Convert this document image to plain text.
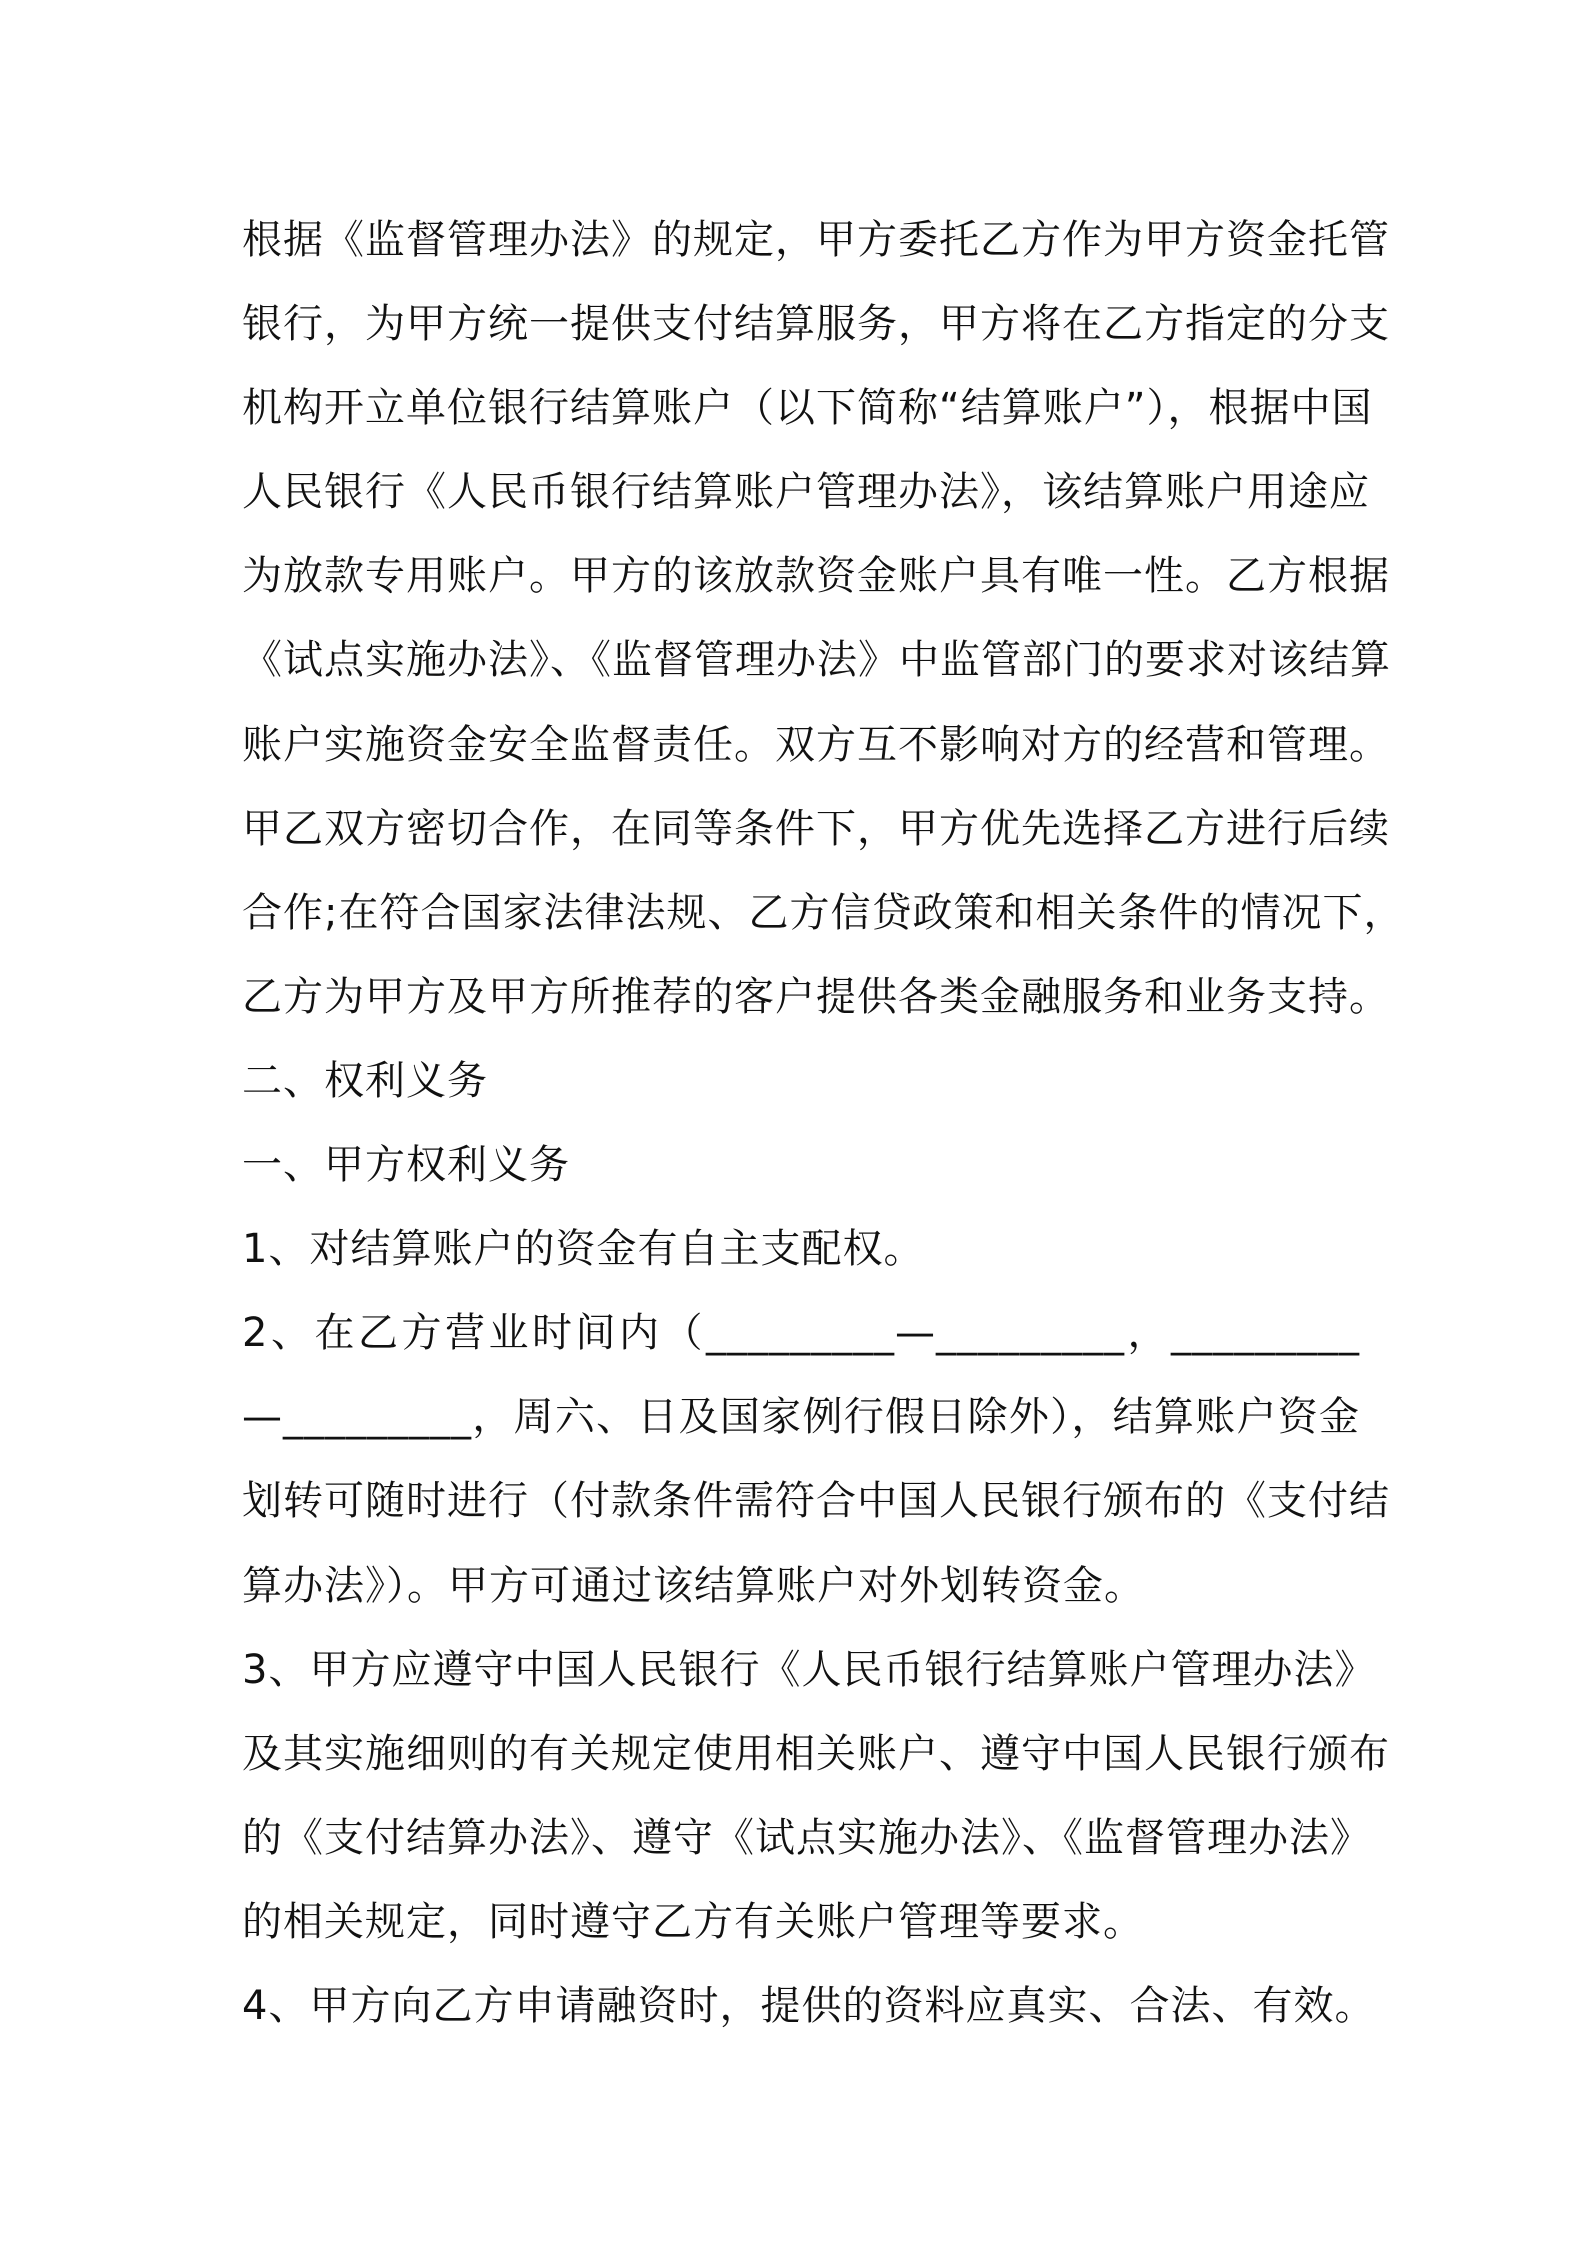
根据《监督管理办法》的规定，甲方委托乙方作为甲方资金托管

银行，为甲方统一提供支付结算服务，甲方将在乙方指定的分支

机构开立单位银行结算账户（以下简称“结算账户”），根据中国

人民银行《人民币银行结算账户管理办法》，该结算账户用途应

为放款专用账户。甲方的该放款资金账户具有唯一性。乙方根据

《试点实施办法》、《监督管理办法》中监管部门的要求对该结算

账户实施资金安全监督责任。双方互不影响对方的经营和管理。

甲乙双方密切合作，在同等条件下，甲方优先选择乙方进行后续

合作;在符合国家法律法规、乙方信贷政策和相关条件的情况下，

乙方为甲方及甲方所推荐的客户提供各类金融服务和业务支持。

二、权利义务

一、甲方权利义务

1、对结算账户的资金有自主支配权。

2、在乙方营业时间内（_________—_________，_________

—_________，周六、日及国家例行假日除外），结算账户资金

划转可随时进行（付款条件需符合中国人民银行颁布的《支付结

算办法》）。甲方可通过该结算账户对外划转资金。

3、甲方应遵守中国人民银行《人民币银行结算账户管理办法》

及其实施细则的有关规定使用相关账户、遵守中国人民银行颁布

的《支付结算办法》、遵守《试点实施办法》、《监督管理办法》

的相关规定，同时遵守乙方有关账户管理等要求。

4、甲方向乙方申请融资时，提供的资料应真实、合法、有效。
